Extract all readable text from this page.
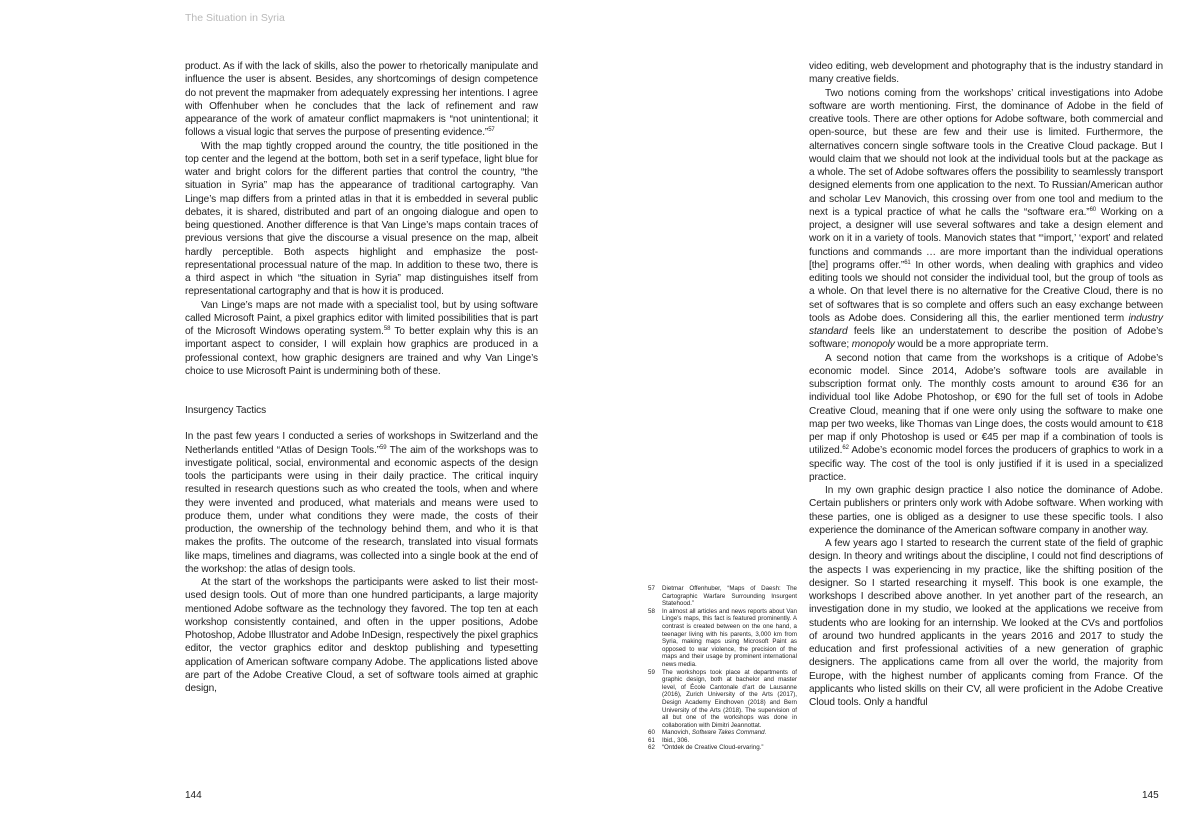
The Situation in Syria

product. As if with the lack of skills, also the power to rhetorically manipulate and influence the user is absent. Besides, any shortcomings of design competence do not prevent the mapmaker from adequately expressing her intentions. I agree with Offenhuber when he concludes that the lack of refinement and raw appearance of the work of amateur conflict mapmakers is “not unintentional; it follows a visual logic that serves the purpose of presenting evidence.”$^{57}$

With the map tightly cropped around the country, the title positioned in the top center and the legend at the bottom, both set in a serif typeface, light blue for water and bright colors for the different parties that control the country, “the situation in Syria” map has the appearance of traditional cartography. Van Linge’s map differs from a printed atlas in that it is embedded in several public debates, it is shared, distributed and part of an ongoing dialogue and open to being questioned. Another difference is that Van Linge’s maps contain traces of previous versions that give the discourse a visual presence on the map, albeit hardly perceptible. Both aspects highlight and emphasize the post-representational processual nature of the map. In addition to these two, there is a third aspect in which “the situation in Syria” map distinguishes itself from representational cartography and that is how it is produced.

Van Linge’s maps are not made with a specialist tool, but by using software called Microsoft Paint, a pixel graphics editor with limited possibilities that is part of the Microsoft Windows operating system.$^{58}$ To better explain why this is an important aspect to consider, I will explain how graphics are produced in a professional context, how graphic designers are trained and why Van Linge’s choice to use Microsoft Paint is undermining both of these.

Insurgency Tactics

In the past few years I conducted a series of workshops in Switzerland and the Netherlands entitled “Atlas of Design Tools.”$^{59}$ The aim of the workshops was to investigate political, social, environmental and economic aspects of the design tools the participants were using in their daily practice. The critical inquiry resulted in research questions such as who created the tools, when and where they were invented and produced, what materials and means were used to produce them, under what conditions they were made, the costs of their production, the ownership of the technology behind them, and who it is that makes the profits. The outcome of the research, translated into visual formats like maps, timelines and diagrams, was collected into a single book at the end of the workshop: the atlas of design tools.

At the start of the workshops the participants were asked to list their most-used design tools. Out of more than one hundred participants, a large majority mentioned Adobe software as the technology they favored. The top ten at each workshop consistently contained, and often in the upper positions, Adobe Photoshop, Adobe Illustrator and Adobe InDesign, respectively the pixel graphics editor, the vector graphics editor and desktop publishing and typesetting application of American software company Adobe. The applications listed above are part of the Adobe Creative Cloud, a set of software tools aimed at graphic design,

video editing, web development and photography that is the industry standard in many creative fields.

Two notions coming from the workshops’ critical investigations into Adobe software are worth mentioning. First, the dominance of Adobe in the field of creative tools. There are other options for Adobe software, both commercial and open-source, but these are few and their use is limited. Furthermore, the alternatives concern single software tools in the Creative Cloud package. But I would claim that we should not look at the individual tools but at the package as a whole. The set of Adobe softwares offers the possibility to seamlessly transport designed elements from one application to the next. To Russian/American author and scholar Lev Manovich, this crossing over from one tool and medium to the next is a typical practice of what he calls the “software era.”$^{60}$ Working on a project, a designer will use several softwares and take a design element and work on it in a variety of tools. Manovich states that “‘import,’ ‘export’ and related functions and commands … are more important than the individual operations [the] programs offer.”$^{61}$ In other words, when dealing with graphics and video editing tools we should not consider the individual tool, but the group of tools as a whole. On that level there is no alternative for the Creative Cloud, there is no set of softwares that is so complete and offers such an easy exchange between tools as Adobe does. Considering all this, the earlier mentioned term industry standard feels like an understatement to describe the position of Adobe’s software; monopoly would be a more appropriate term.

A second notion that came from the workshops is a critique of Adobe’s economic model. Since 2014, Adobe’s software tools are available in subscription format only. The monthly costs amount to around €36 for an individual tool like Adobe Photoshop, or €90 for the full set of tools in Adobe Creative Cloud, meaning that if one were only using the software to make one map per two weeks, like Thomas van Linge does, the costs would amount to €18 per map if only Photoshop is used or €45 per map if a combination of tools is utilized.$^{62}$ Adobe’s economic model forces the producers of graphics to work in a specific way. The cost of the tool is only justified if it is used in a specialized practice.

In my own graphic design practice I also notice the dominance of Adobe. Certain publishers or printers only work with Adobe software. When working with these parties, one is obliged as a designer to use these specific tools. I also experience the dominance of the American software company in another way.

A few years ago I started to research the current state of the field of graphic design. In theory and writings about the discipline, I could not find descriptions of the aspects I was experiencing in my practice, like the shifting position of the designer. So I started researching it myself. This book is one example, the workshops I described above another. In yet another part of the research, an investigation done in my studio, we looked at the applications we receive from students who are looking for an internship. We looked at the CVs and portfolios of around two hundred applicants in the years 2016 and 2017 to study the education and first professional activities of a new generation of graphic designers. The applications came from all over the world, the majority from Europe, with the highest number of applicants coming from France. Of the applicants who listed skills on their CV, all were proficient in the Adobe Creative Cloud tools. Only a handful

57	Dietmar Offenhuber, “Maps of Daesh: The Cartographic Warfare Surrounding Insurgent Statehood.”
58	In almost all articles and news reports about Van Linge’s maps, this fact is featured prominently. A contrast is created between on the one hand, a teenager living with his parents, 3,000 km from Syria, making maps using Microsoft Paint as opposed to war violence, the precision of the maps and their usage by prominent international news media.
59	The workshops took place at departments of graphic design, both at bachelor and master level, of École Cantonale d’art de Lausanne (2016), Zurich University of the Arts (2017), Design Academy Eindhoven (2018) and Bern University of the Arts (2018). The supervision of all but one of the workshops was done in collaboration with Dimitri Jeannottat.
60	Manovich, Software Takes Command.
61	Ibid., 306.
62	“Ontdek de Creative Cloud-ervaring.”
144	145
